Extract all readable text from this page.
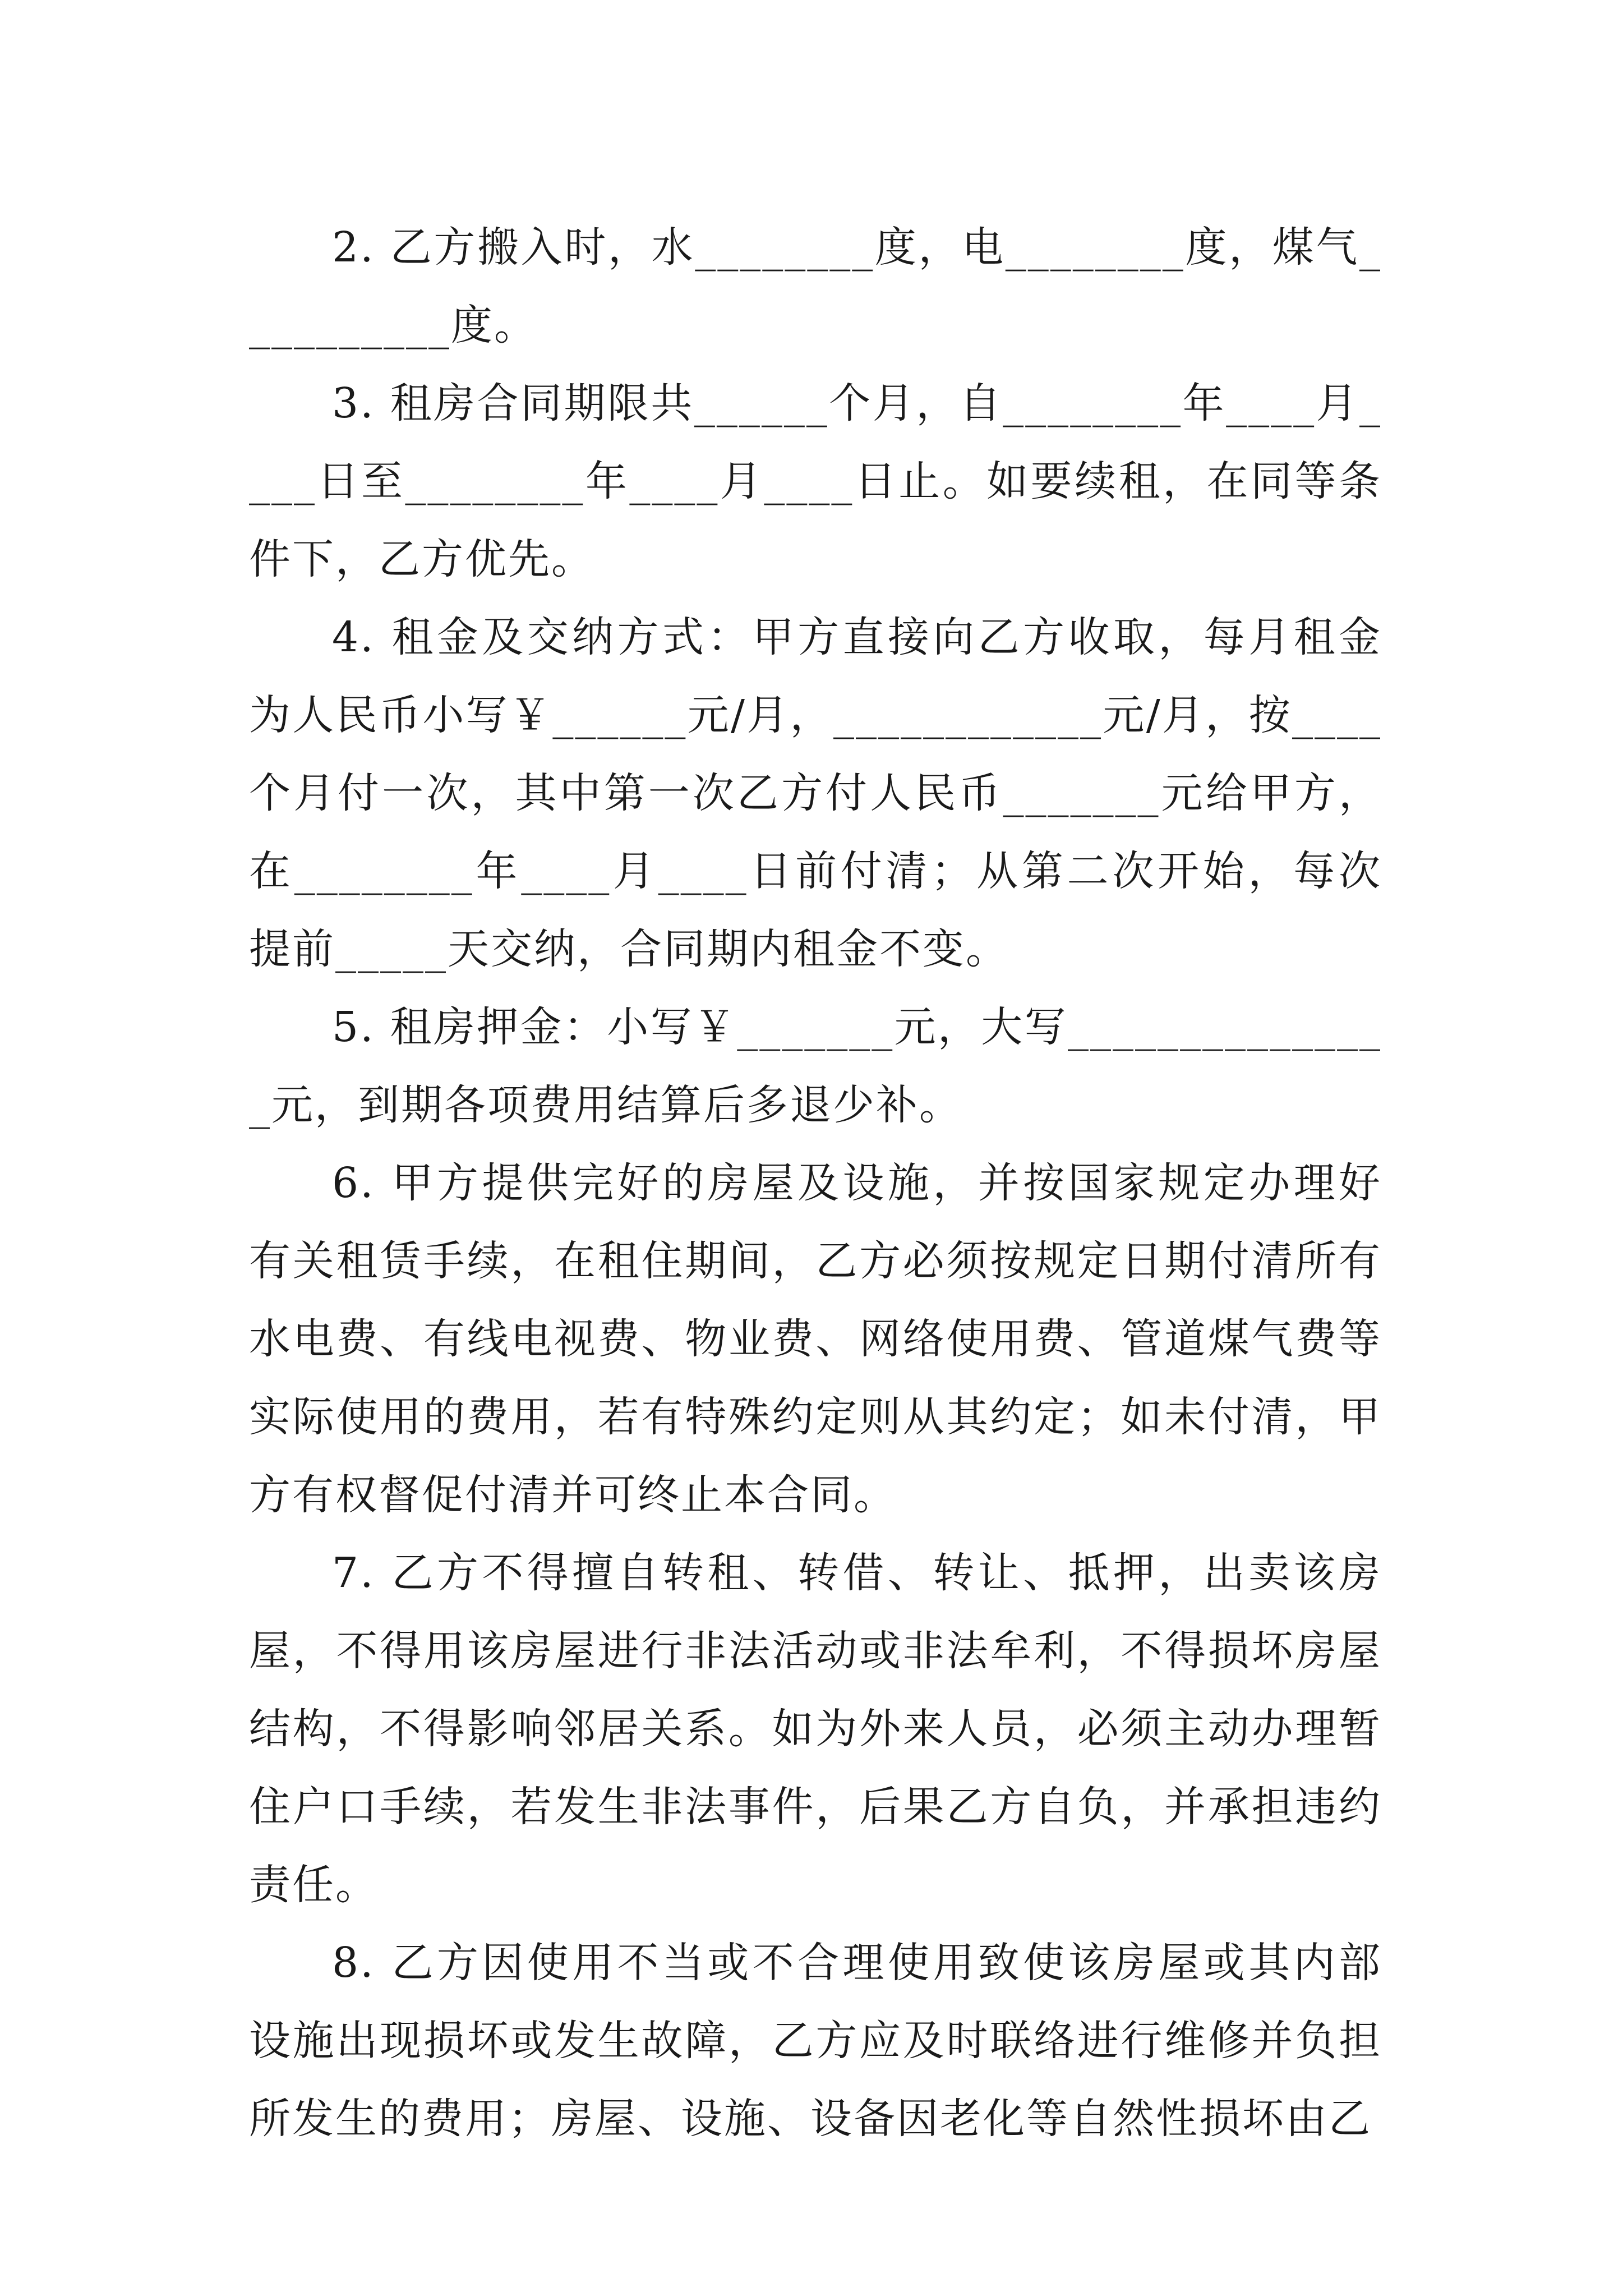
2. 乙方搬入时，水________度，电________度，煤气__________度。

3. 租房合同期限共______个月，自________年____月____日至________年____月____日止。如要续租，在同等条件下，乙方优先。

4. 租金及交纳方式：甲方直接向乙方收取，每月租金为人民币小写￥______元/月，____________元/月，按____个月付一次，其中第一次乙方付人民币_______元给甲方，在________年____月____日前付清；从第二次开始，每次提前_____天交纳，合同期内租金不变。

5. 租房押金：小写￥_______元，大写_______________元，到期各项费用结算后多退少补。

6. 甲方提供完好的房屋及设施，并按国家规定办理好有关租赁手续，在租住期间，乙方必须按规定日期付清所有水电费、有线电视费、物业费、网络使用费、管道煤气费等实际使用的费用，若有特殊约定则从其约定；如未付清，甲方有权督促付清并可终止本合同。

7. 乙方不得擅自转租、转借、转让、抵押，出卖该房屋，不得用该房屋进行非法活动或非法牟利，不得损坏房屋结构，不得影响邻居关系。如为外来人员，必须主动办理暂住户口手续，若发生非法事件，后果乙方自负，并承担违约责任。

8. 乙方因使用不当或不合理使用致使该房屋或其内部设施出现损坏或发生故障，乙方应及时联络进行维修并负担所发生的费用；房屋、设施、设备因老化等自然性损坏由乙
